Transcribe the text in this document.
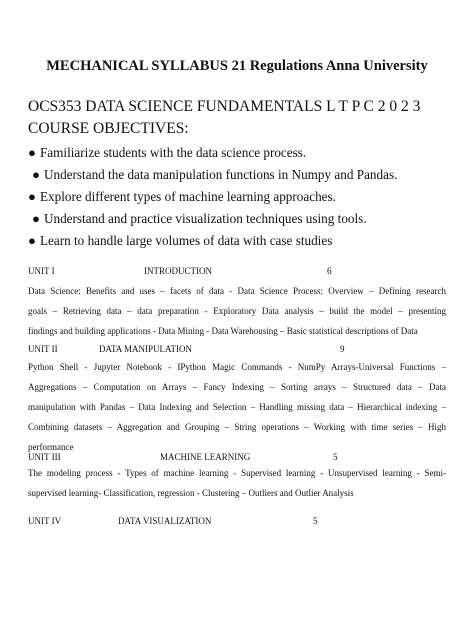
MECHANICAL SYLLABUS 21 Regulations Anna University
OCS353 DATA SCIENCE FUNDAMENTALS L T P C 2 0 2 3
COURSE OBJECTIVES:
● Familiarize students with the data science process.
● Understand the data manipulation functions in Numpy and Pandas.
● Explore different types of machine learning approaches.
● Understand and practice visualization techniques using tools.
● Learn to handle large volumes of data with case studies
UNIT I	INTRODUCTION	6
Data Science: Benefits and uses – facets of data - Data Science Process: Overview – Defining research
goals – Retrieving data – data preparation - Exploratory Data analysis – build the model – presenting
findings and building applications - Data Mining - Data Warehousing – Basic statistical descriptions of Data
UNIT II	DATA MANIPULATION	9
Python Shell - Jupyter Notebook - IPython Magic Commands - NumPy Arrays-Universal Functions –
Aggregations – Computation on Arrays – Fancy Indexing – Sorting arrays – Structured data – Data
manipulation with Pandas – Data Indexing and Selection – Handling missing data – Hierarchical indexing –
Combining datasets – Aggregation and Grouping – String operations – Working with time series – High
performance
UNIT III	MACHINE LEARNING	5
The modeling process - Types of machine learning - Supervised learning - Unsupervised learning - Semi-
supervised learning- Classification, regression - Clustering – Outliers and Outlier Analysis
UNIT IV	DATA VISUALIZATION	5
